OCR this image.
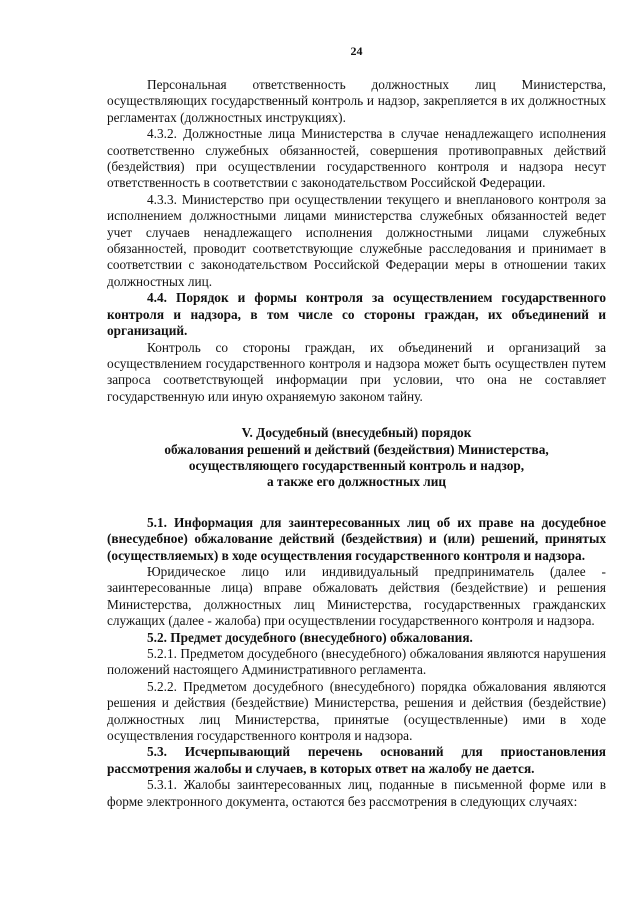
24

Персональная ответственность должностных лиц Министерства, осуществляющих государственный контроль и надзор, закрепляется в их должностных регламентах (должностных инструкциях).

4.3.2. Должностные лица Министерства в случае ненадлежащего исполнения соответственно служебных обязанностей, совершения противоправных действий (бездействия) при осуществлении государственного контроля и надзора несут ответственность в соответствии с законодательством Российской Федерации.

4.3.3. Министерство при осуществлении текущего и внепланового контроля за исполнением должностными лицами министерства служебных обязанностей ведет учет случаев ненадлежащего исполнения должностными лицами служебных обязанностей, проводит соответствующие служебные расследования и принимает в соответствии с законодательством Российской Федерации меры в отношении таких должностных лиц.

4.4. Порядок и формы контроля за осуществлением государственного контроля и надзора, в том числе со стороны граждан, их объединений и организаций.

Контроль со стороны граждан, их объединений и организаций за осуществлением государственного контроля и надзора может быть осуществлен путем запроса соответствующей информации при условии, что она не составляет государственную или иную охраняемую законом тайну.

V. Досудебный (внесудебный) порядок
обжалования решений и действий (бездействия) Министерства,
осуществляющего государственный контроль и надзор,
а также его должностных лиц

5.1. Информация для заинтересованных лиц об их праве на досудебное (внесудебное) обжалование действий (бездействия) и (или) решений, принятых (осуществляемых) в ходе осуществления государственного контроля и надзора.

Юридическое лицо или индивидуальный предприниматель (далее - заинтересованные лица) вправе обжаловать действия (бездействие) и решения Министерства, должностных лиц Министерства, государственных гражданских служащих (далее - жалоба) при осуществлении государственного контроля и надзора.

5.2. Предмет досудебного (внесудебного) обжалования.

5.2.1. Предметом досудебного (внесудебного) обжалования являются нарушения положений настоящего Административного регламента.

5.2.2. Предметом досудебного (внесудебного) порядка обжалования являются решения и действия (бездействие) Министерства, решения и действия (бездействие) должностных лиц Министерства, принятые (осуществленные) ими в ходе осуществления государственного контроля и надзора.

5.3. Исчерпывающий перечень оснований для приостановления рассмотрения жалобы и случаев, в которых ответ на жалобу не дается.

5.3.1. Жалобы заинтересованных лиц, поданные в письменной форме или в форме электронного документа, остаются без рассмотрения в следующих случаях:
